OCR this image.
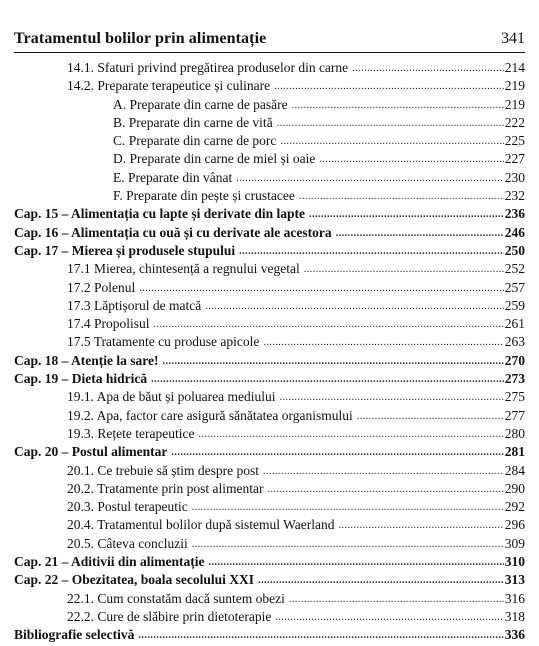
Tratamentul bolilor prin alimentație	341
14.1. Sfaturi privind pregătirea produselor din carne .....	214
14.2. Preparate terapeutice și culinare .....	219
A. Preparate din carne de pasăre .....	219
B. Preparate din carne de vită .....	222
C. Preparate din carne de porc .....	225
D. Preparate din carne de miel și oaie .....	227
E. Preparate din vânat .....	230
F. Preparate din pește și crustacee .....	232
Cap. 15 – Alimentația cu lapte și derivate din lapte .....	236
Cap. 16 – Alimentația cu ouă și cu derivate ale acestora .....	246
Cap. 17 – Mierea și produsele stupului .....	250
17.1 Mierea, chintesență a regnului vegetal .....	252
17.2 Polenul .....	257
17.3 Lăptișorul de matcă .....	259
17.4 Propolisul .....	261
17.5 Tratamente cu produse apicole .....	263
Cap. 18 – Atenție la sare! .....	270
Cap. 19 – Dieta hidrică .....	273
19.1. Apa de băut și poluarea mediului .....	275
19.2. Apa, factor care asigură sănătatea organismului .....	277
19.3. Rețete terapeutice .....	280
Cap. 20 – Postul alimentar .....	281
20.1. Ce trebuie să știm despre post .....	284
20.2. Tratamente prin post alimentar .....	290
20.3. Postul terapeutic .....	292
20.4. Tratamentul bolilor după sistemul Waerland .....	296
20.5. Câteva concluzii .....	309
Cap. 21 – Aditivii din alimentație .....	310
Cap. 22 – Obezitatea, boala secolului XXI .....	313
22.1. Cum constatăm dacă suntem obezi .....	316
22.2. Cure de slăbire prin dietoterapie .....	318
Bibliografie selectivă .....	336
